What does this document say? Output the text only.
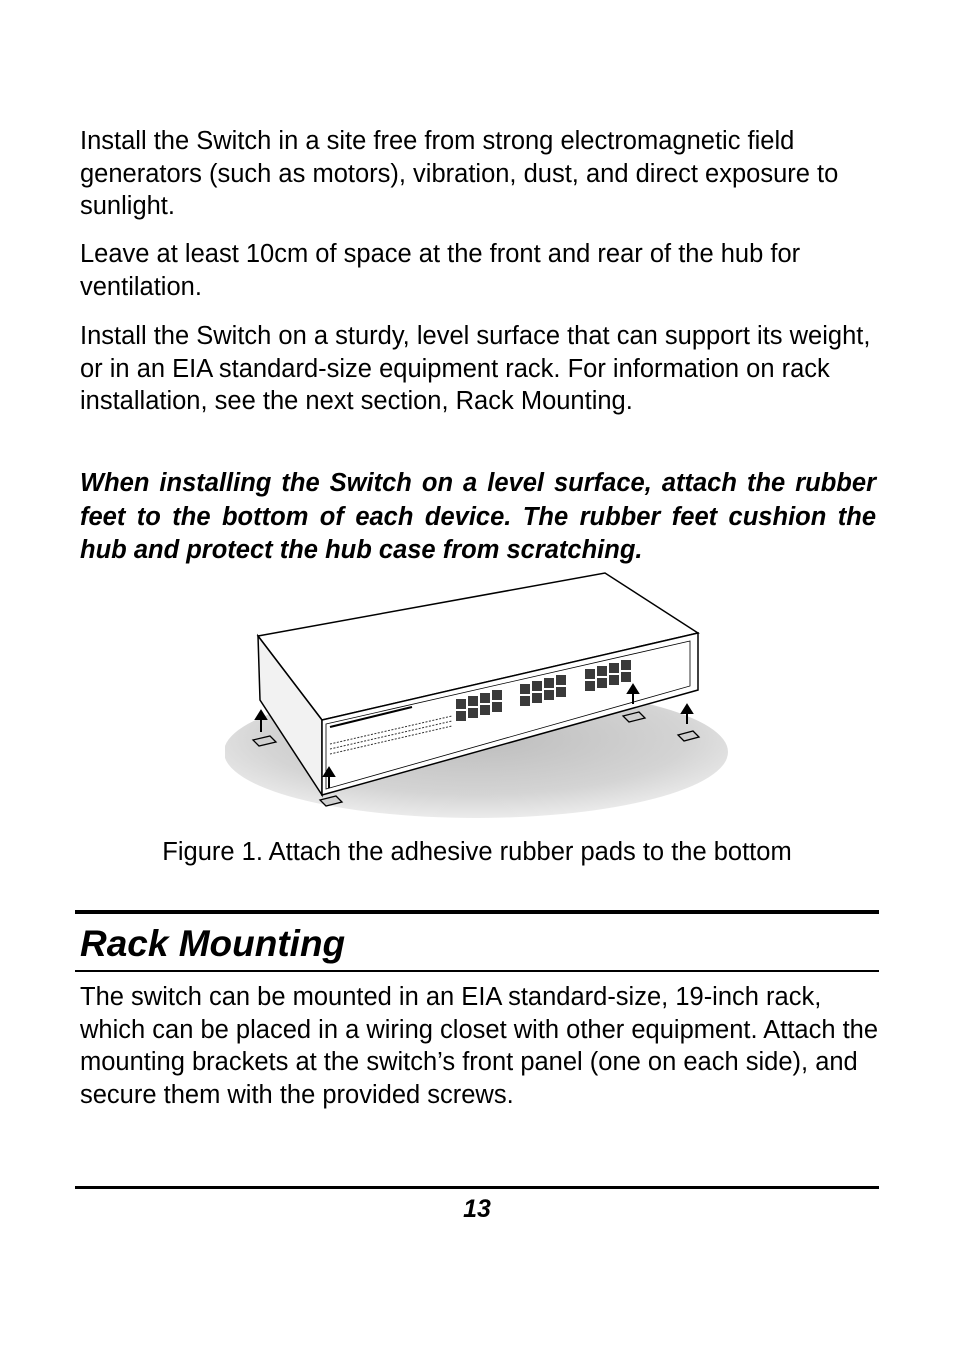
Install the Switch in a site free from strong electromagnetic field generators (such as motors), vibration, dust, and direct exposure to sunlight.

Leave at least 10cm of space at the front and rear of the hub for ventilation.

Install the Switch on a sturdy, level surface that can support its weight, or in an EIA standard-size equipment rack. For information on rack installation, see the next section, Rack Mounting.

When installing the Switch on a level surface, attach the rubber feet to the bottom of each device. The rubber feet cushion the hub and protect the hub case from scratching.

Figure 1. Attach the adhesive rubber pads to the bottom

Rack Mounting

The switch can be mounted in an EIA standard-size, 19-inch rack, which can be placed in a wiring closet with other equipment. Attach the mounting brackets at the switch’s front panel (one on each side), and secure them with the provided screws.

13
